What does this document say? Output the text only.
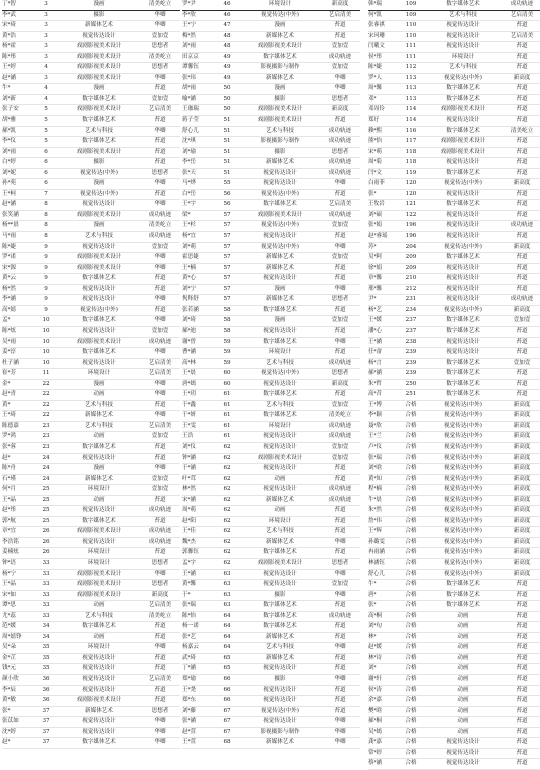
丁*智	3	漫画	清美屹立
李*武	3	摄影	华卿
宋*琦	3	新媒体艺术	华卿
黄*浩	3	视觉传达设计	壹加壹
杨*霍	3	戏剧影视美术设计	思想者
陈*彤	3	戏剧影视美术设计	清美屹立
王*婷	4	戏剧影视美术设计	思想者
赵*涵	3	戏剧影视美术设计	华卿
牛*	4	漫画	苔道
刘*新	4	数字媒体艺术	壹加壹
张子安	5	戏剧影视美术设计	艺启清美
胡*雅	5	数字媒体艺术	苔道
郝*凯	5	艺术与科技	华卿
李*仪	5	数字媒体艺术	苔道
刘*雨	6	戏剧影视美术设计	苔道
白*婷	6	摄影	苔道
刘*妮	6	视觉传达(中外)	思想者
孙*苑	6	漫画	华卿
王*柯	7	视觉传达(中外)	苔道
赵*涵	8	视觉传达设计	华卿
张笑涵	8	戏剧影视美术设计	成功轨迹
杨**晨	8	漫画	清美屹立
马*雨	8	艺术与科技	成功轨迹
陈*婕	9	视觉传达设计	壹加壹
罗*诺	9	戏剧影视美术设计	华卿
宋*源	9	戏剧影视美术设计	华卿
黄*云	9	数字媒体艺术	苔道
杨*然	9	视觉传达设计	苔道
李*涵	9	视觉传达设计	华卿
高*婧	9	视觉传达(中外)	苔道
孟*	10	数字媒体艺术	华卿
陈*炫	10	视觉传达设计	壹加壹
吴*雨	10	戏剧影视美术设计	成功轨迹
姜*淳	10	数字媒体艺术	华卿
杜子涵	10	视觉传达设计	艺启清美
崔*芳	11	环境设计	艺启清美
金*	22	漫画	华卿
赵*青	22	动画	华卿
黄*	22	艺术与科技	苔道
王*琦	22	新媒体艺术	华卿
陈德嘉	23	艺术与科技	艺启清美
罗*鸿	23	动画	壹加壹
张*蓉	23	数字媒体艺术	苔道
赵*	24	视觉传达设计	苔道
陈*舟	24	漫画	华卿
石*瑾	24	新媒体艺术	壹加壹
何*月	25	环境设计	壹加壹
王*晶	25	动画	苔道
赵*彤	25	视觉传达设计	成功轨迹
郭*航	25	数字媒体艺术	苔道
章*宜	26	戏剧影视美术设计	成功轨迹
李浩铭	26	视觉传达设计	成功轨迹
姜楠炫	26	环境设计	苔道
钟*语	33	环境设计	思想者
杨*宁	33	戏剧影视美术设计	华卿
王*晶	33	戏剧影视美术设计	思想者
宋*如	33	戏剧影视美术设计	新高度
谭*思	33	动画	艺启清美
尤*蕊	33	艺术与科技	清美屹立
范*媛	34	数字媒体艺术	苔道
周*婧铮	34	动画	苔道
吴*朵	35	环境设计	华卿
金*芷	35	视觉传达设计	苔道
钱*元	35	视觉传达设计	苔道
颜小欣	36	视觉传达设计	艺启清美
李*辰	36	视觉传达设计	苔道
黄*敏	36	戏剧影视美术设计	苔道
张*	37	新媒体艺术	思想者
张苡如	37	视觉传达设计	华卿
沈*婷	37	视觉传达设计	华卿
赵*	37	数字媒体艺术	华卿
罗*尹	46	环境设计	新高度
李*欣	46	视觉传达(中外)	艺启清美
王*宁	47	漫画	苔道
梅*然	48	新媒体艺术	苔道
刘*雨	48	戏剧影视美术设计	壹加壹
田京京	49	数字媒体艺术	成功轨迹
谭馨钰	49	影视摄影与制作	壹加壹
张*玮	49	新媒体艺术	华卿
胡*雨	50	漫画	华卿
喻*涵	50	摄影	思想者
王珈瑞	50	戏剧影视美术设计	新高度
蒋子莹	51	戏剧影视美术设计	苔道
舒心儿	51	艺术与科技	成功轨迹
沈*琪	51	影视摄影与制作	成功轨迹
刘*瑜	51	摄影	思想者
李*岳	51	新媒体艺术	成功轨迹
张*天	51	视觉传达设计	成功轨迹
马*烨	55	视觉传达设计	华卿
白*岳	56	视觉传达(中外)	苔道
王*宇	56	数字媒体艺术	艺启清美
梁*	57	戏剧影视美术设计	成功轨迹
王*杉	57	视觉传达(中外)	壹加壹
杨*宜	57	视觉传达设计	苔道
刘*萌	57	视觉传达(中外)	华卿
霍思婕	57	新媒体艺术	壹加壹
王*楠	57	新媒体艺术	苔道
黄*心	57	视觉传达设计	苔道
刘*宁	57	漫画	华卿
隽释舒	57	新媒体艺术	思想者
张若涵	58	数字媒体艺术	苔道
刘*琦	58	漫画	壹加壹
郝*迪	58	视觉传达设计	苔道
谢*曾	59	数字媒体艺术	华卿
曹*涵	59	环境设计	苔道
高*林	59	艺术与科技	成功轨迹
王*晨	60	视觉传达(中外)	思想者
唐*嫣	60	视觉传达设计	新高度
王*玥	61	数字媒体艺术	苔道
于*鑫	61	艺术与科技	壹加壹
于*妍	61	数字媒体艺术	清美屹立
王*雯	61	环境设计	成功轨迹
王浩	61	视觉传达设计	成功轨迹
刘*仪	62	视觉传达设计	壹加壹
钟*涵	62	戏剧影视美术设计	壹加壹
于*涵	62	视觉传达设计	苔道
叶*茸	62	动画	苔道
林*然	62	视觉传达设计	成功轨迹
宋*涵	62	新媒体艺术	成功轨迹
周*萌	62	动画	苔道
赵*阳	62	环境设计	苔道
王*佳	62	艺术与科技	苔道
魏*杰	62	新媒体艺术	华卿
郭馨钰	62	数字媒体艺术	苔道
孟*宇	62	戏剧影视美术设计	思想者
王*涵	63	视觉传达设计	华卿
黄*馨	63	视觉传达设计	壹加壹
于*	63	摄影	华卿
张*瑞	63	数字媒体艺术	苔道
陈*怡	64	数字媒体艺术	成功轨迹
杨一诺	64	数字媒体艺术	苔道
张*艺	64	新媒体艺术	苔道
杨嘉云	64	艺术与科技	华卿
武*琦	65	新媒体艺术	苔道
丁*涵	65	视觉传达设计	苔道
郑*瑜	66	摄影	华卿
王*尧	66	视觉传达设计	苔道
郑*东	66	视觉传达设计	苔道
刘*藤	67	视觉传达(中外)	苔道
张*涵	67	视觉传达设计	华卿
赵*萱	67	影视摄影与制作	华卿
王*萱	68	新媒体艺术	华卿
韩*瑞	109	数字媒体艺术	成功轨迹
何*凯	109	艺术与科技	艺启清美
张睿祺	110	视觉传达设计	苔道
宋珂珊	110	视觉传达设计	艺启清美
闫曦文	111	视觉传达设计	苔道
侯*彤	111	环境设计	苔道
陈*婕	112	艺术与科技	苔道
罗*人	113	视觉传达(中外)	新高度
周*馨	113	数字媒体艺术	苔道
邓*	113	数字媒体艺术	苔道
邓周伶	114	戏剧影视美术设计	苔道
郑好	114	视觉传达设计	苔道
赖*熙	116	数字媒体艺术	清美屹立
熊*怡	117	戏剧影视美术设计	苔道
宋*萌	118	戏剧影视美术设计	苔道
周*菊	118	视觉传达设计	苔道
闫*文	119	数字媒体艺术	苔道
白雨菲	120	视觉传达(中外)	新高度
张*	120	视觉传达设计	苔道
王牧岩	121	数字媒体艺术	苔道
刘*硕	122	视觉传达设计	苔道
张*娟	196	视觉传达设计	成功轨迹
赵*睿瑶	196	视觉传达设计	苔道
苏*	204	视觉传达(中外)	新高度
吴*阿	209	数字媒体艺术	苔道
徐*娟	209	视觉传达设计	苔道
章*馨	210	视觉传达设计	苔道
邢*馨	212	视觉传达设计	苔道
尹*	231	视觉传达设计	成功轨迹
杨*艺	234	视觉传达(中外)	新高度
王*媛	237	数字媒体艺术	壹加壹
潘*心	237	数字媒体艺术	苔道
王*涵	238	视觉传达设计	苔道
任*畲	239	视觉传达设计	苔道
杨*言	239	数字媒体艺术	壹加壹
郝*涵	239	数字媒体艺术	苔道
朱*哲	250	数字媒体艺术	苔道
高*昔	251	数字媒体艺术	苔道
王*博	合格	视觉传达(中外)	新高度
李*颖	合格	视觉传达(中外)	新高度
聂*欣	合格	视觉传达(中外)	新高度
王*兰	合格	视觉传达(中外)	新高度
卢*仪	合格	视觉传达(中外)	新高度
张*瑞	合格	视觉传达(中外)	新高度
刘*晗	合格	视觉传达(中外)	新高度
黄*知	合格	视觉传达(中外)	新高度
程*楠	合格	视觉传达(中外)	新高度
牛*晨	合格	视觉传达(中外)	新高度
朱*然	合格	视觉传达(中外)	新高度
詹*伟	合格	视觉传达(中外)	新高度
王*辉	合格	视觉传达(中外)	新高度
孙璐雯	合格	视觉传达(中外)	新高度
冉雨涵	合格	视觉传达(中外)	新高度
林涵钰	合格	视觉传达(中外)	新高度
舒心儿	合格	视觉传达(中外)	新高度
牛*	合格	数字媒体艺术	苔道
唐*	合格	数字媒体艺术	苔道
张*	合格	数字媒体艺术	苔道
高*桐	合格	动画	苔道
刘*旬	合格	动画	苔道
林*	合格	动画	苔道
赵*媛	合格	动画	苔道
林*诗	合格	动画	苔道
刘*	合格	动画	苔道
谢*轩	合格	动画	苔道
侯*涛	合格	动画	苔道
余*嘉	合格	动画	苔道
樊*晗	合格	动画	苔道
郝*桐	合格	动画	苔道
吴*嫣	合格	动画	苔道
龚*嘉	合格	视觉传达设计	苔道
常*婷	合格	视觉传达设计	苔道
蔡*涵	合格	视觉传达设计	苔道
